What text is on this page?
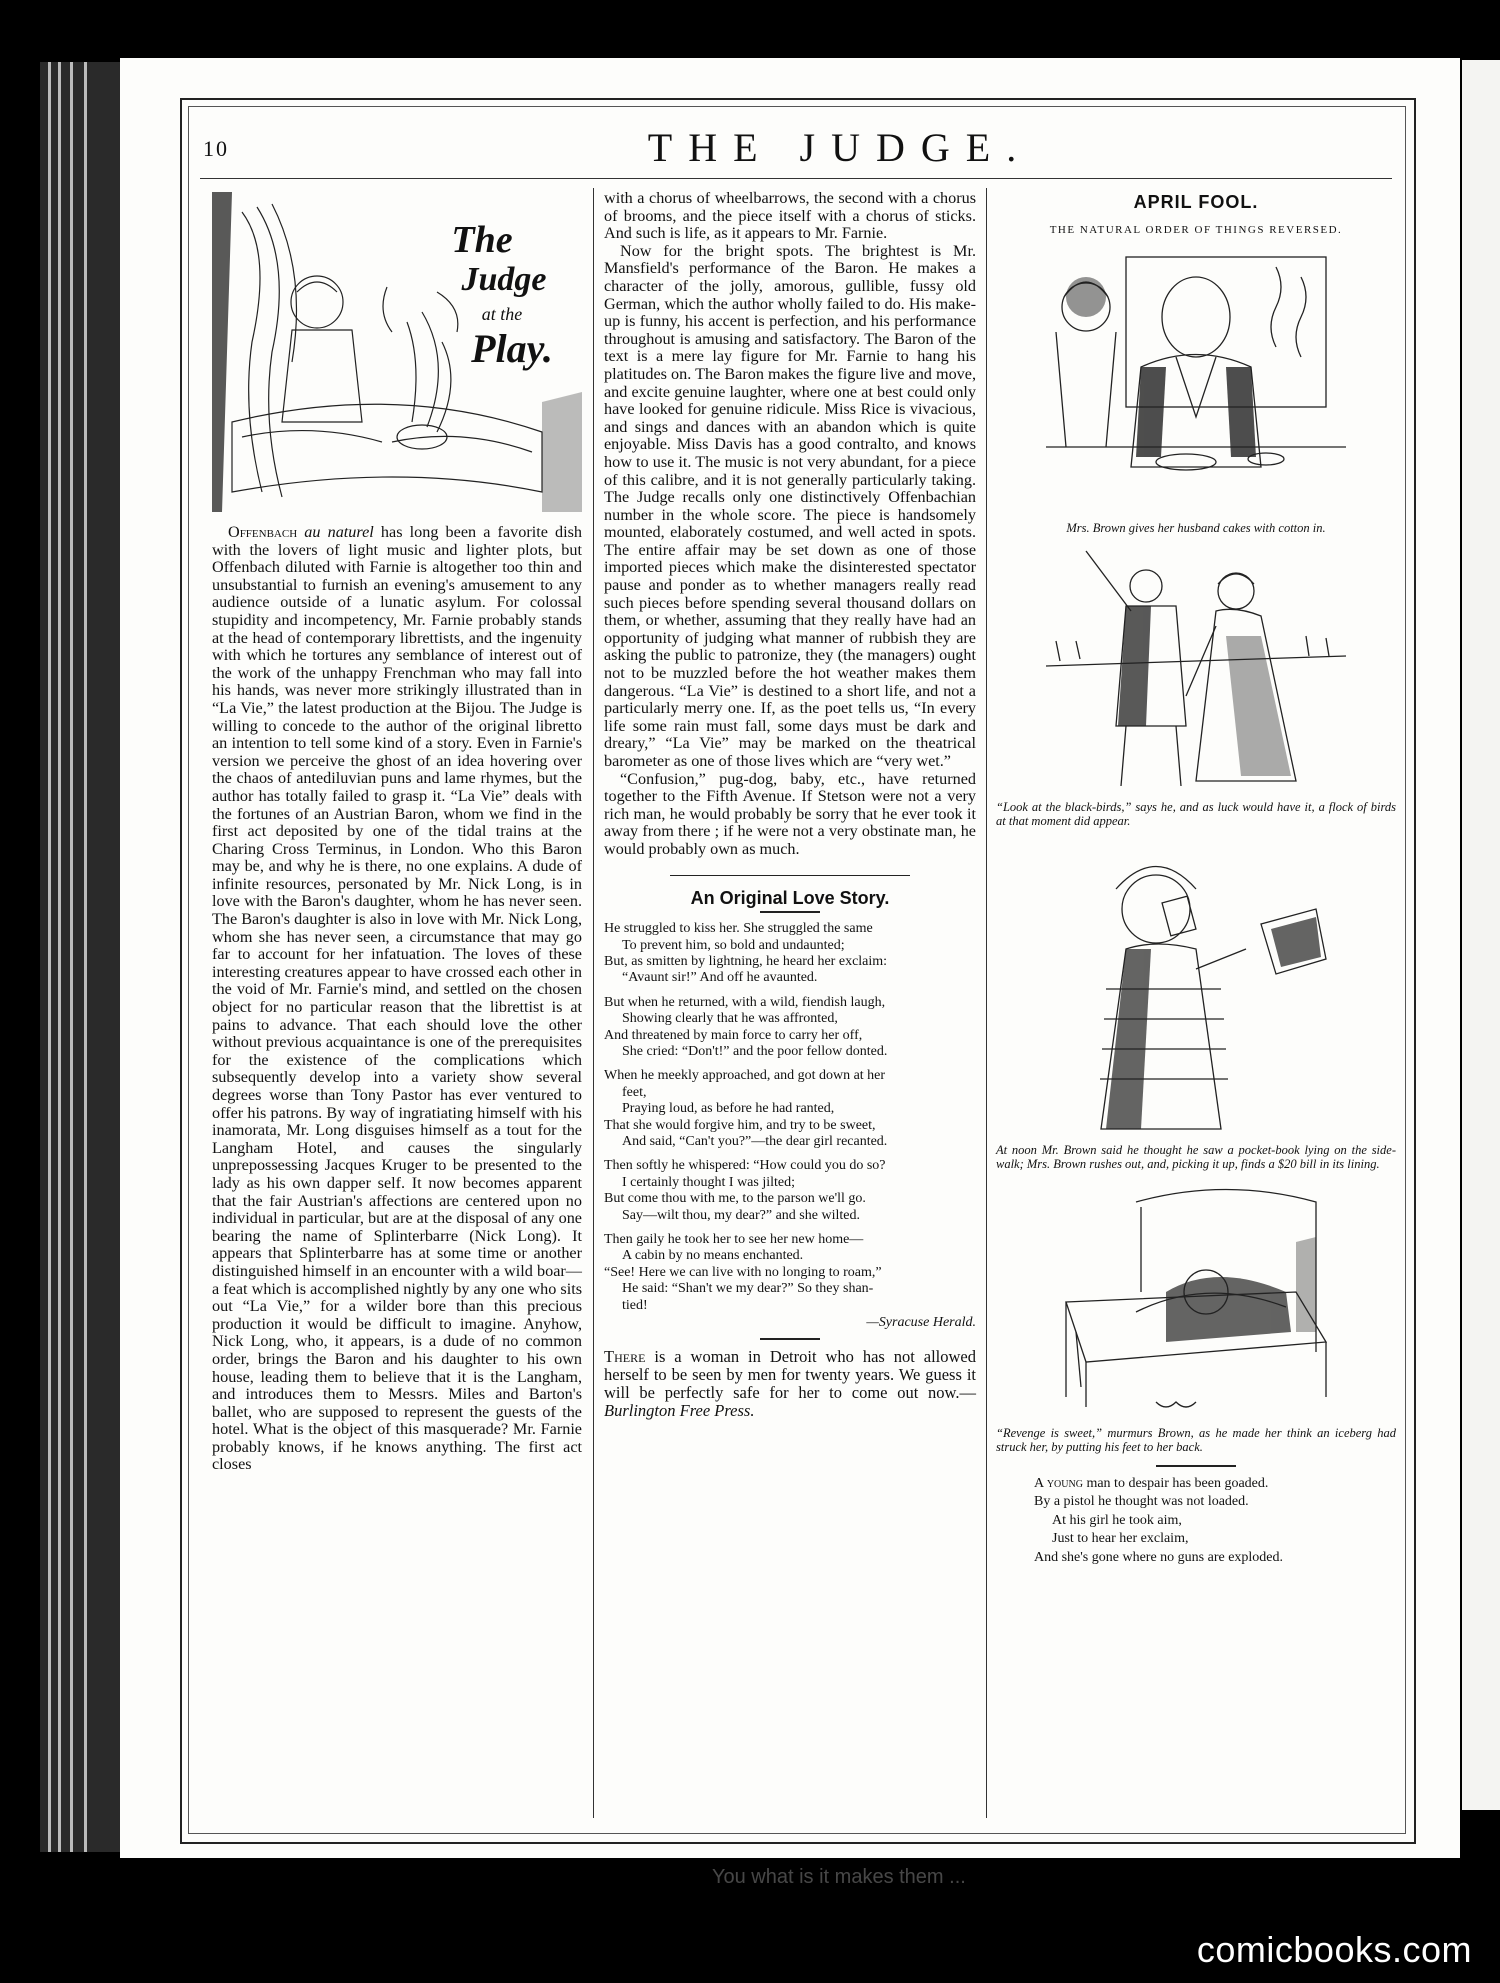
10	THE JUDGE.
The
Judge
at the
Play.

Offenbach au naturel has long been a favorite dish with the lovers of light music and lighter plots, but Offenbach diluted with Farnie is altogether too thin and unsubstantial to furnish an evening's amusement to any audience outside of a lunatic asylum. For colossal stupidity and incompetency, Mr. Farnie probably stands at the head of contemporary librettists, and the ingenuity with which he tortures any semblance of interest out of the work of the unhappy Frenchman who may fall into his hands, was never more strikingly illustrated than in “La Vie,” the latest production at the Bijou. The Judge is willing to concede to the author of the original libretto an intention to tell some kind of a story. Even in Farnie's version we perceive the ghost of an idea hovering over the chaos of antediluvian puns and lame rhymes, but the author has totally failed to grasp it. “La Vie” deals with the fortunes of an Austrian Baron, whom we find in the first act deposited by one of the tidal trains at the Charing Cross Terminus, in London. Who this Baron may be, and why he is there, no one explains. A dude of infinite resources, personated by Mr. Nick Long, is in love with the Baron's daughter, whom he has never seen. The Baron's daughter is also in love with Mr. Nick Long, whom she has never seen, a circumstance that may go far to account for her infatuation. The loves of these interesting creatures appear to have crossed each other in the void of Mr. Farnie's mind, and settled on the chosen object for no particular reason that the librettist is at pains to advance. That each should love the other without previous acquaintance is one of the prerequisites for the existence of the complications which subsequently develop into a variety show several degrees worse than Tony Pastor has ever ventured to offer his patrons. By way of ingratiating himself with his inamorata, Mr. Long disguises himself as a tout for the Langham Hotel, and causes the singularly unprepossessing Jacques Kruger to be presented to the lady as his own dapper self. It now becomes apparent that the fair Austrian's affections are centered upon no individual in particular, but are at the disposal of any one bearing the name of Splinterbarre (Nick Long). It appears that Splinterbarre has at some time or another distinguished himself in an encounter with a wild boar—a feat which is accomplished nightly by any one who sits out “La Vie,” for a wilder bore than this precious production it would be difficult to imagine. Anyhow, Nick Long, who, it appears, is a dude of no common order, brings the Baron and his daughter to his own house, leading them to believe that it is the Langham, and introduces them to Messrs. Miles and Barton's ballet, who are supposed to represent the guests of the hotel. What is the object of this masquerade? Mr. Farnie probably knows, if he knows anything. The first act closes

with a chorus of wheelbarrows, the second with a chorus of brooms, and the piece itself with a chorus of sticks. And such is life, as it appears to Mr. Farnie.

Now for the bright spots. The brightest is Mr. Mansfield's performance of the Baron. He makes a character of the jolly, amorous, gullible, fussy old German, which the author wholly failed to do. His make-up is funny, his accent is perfection, and his performance throughout is amusing and satisfactory. The Baron of the text is a mere lay figure for Mr. Farnie to hang his platitudes on. The Baron makes the figure live and move, and excite genuine laughter, where one at best could only have looked for genuine ridicule. Miss Rice is vivacious, and sings and dances with an abandon which is quite enjoyable. Miss Davis has a good contralto, and knows how to use it. The music is not very abundant, for a piece of this calibre, and it is not generally particularly taking. The Judge recalls only one distinctively Offenbachian number in the whole score. The piece is handsomely mounted, elaborately costumed, and well acted in spots. The entire affair may be set down as one of those imported pieces which make the disinterested spectator pause and ponder as to whether managers really read such pieces before spending several thousand dollars on them, or whether, assuming that they really have had an opportunity of judging what manner of rubbish they are asking the public to patronize, they (the managers) ought not to be muzzled before the hot weather makes them dangerous. “La Vie” is destined to a short life, and not a particularly merry one. If, as the poet tells us, “In every life some rain must fall, some days must be dark and dreary,” “La Vie” may be marked on the theatrical barometer as one of those lives which are “very wet.”

“Confusion,” pug-dog, baby, etc., have returned together to the Fifth Avenue. If Stetson were not a very rich man, he would probably be sorry that he ever took it away from there ; if he were not a very obstinate man, he would probably own as much.

An Original Love Story.
He struggled to kiss her. She struggled the same
To prevent him, so bold and undaunted;
But, as smitten by lightning, he heard her exclaim:
“Avaunt sir!” And off he avaunted.
But when he returned, with a wild, fiendish laugh,
Showing clearly that he was affronted,
And threatened by main force to carry her off,
She cried: “Don't!” and the poor fellow donted.
When he meekly approached, and got down at her
feet,
Praying loud, as before he had ranted,
That she would forgive him, and try to be sweet,
And said, “Can't you?”—the dear girl recanted.
Then softly he whispered: “How could you do so?
I certainly thought I was jilted;
But come thou with me, to the parson we'll go.
Say—wilt thou, my dear?” and she wilted.
Then gaily he took her to see her new home—
A cabin by no means enchanted.
“See! Here we can live with no longing to roam,”
He said: “Shan't we my dear?” So they shan-
tied!
—Syracuse Herald.

There is a woman in Detroit who has not allowed herself to be seen by men for twenty years. We guess it will be perfectly safe for her to come out now.— Burlington Free Press.

APRIL FOOL.
THE NATURAL ORDER OF THINGS REVERSED.
Mrs. Brown gives her husband cakes with cotton in.
“Look at the black-birds,” says he, and as luck would have it, a flock of birds at that moment did appear.
At noon Mr. Brown said he thought he saw a pocket-book lying on the side-walk; Mrs. Brown rushes out, and, picking it up, finds a $20 bill in its lining.
“Revenge is sweet,” murmurs Brown, as he made her think an iceberg had struck her, by putting his feet to her back.
A young man to despair has been goaded.
By a pistol he thought was not loaded.
At his girl he took aim,
Just to hear her exclaim,
And she's gone where no guns are exploded.
You what is it makes them ...
comicbooks.com
